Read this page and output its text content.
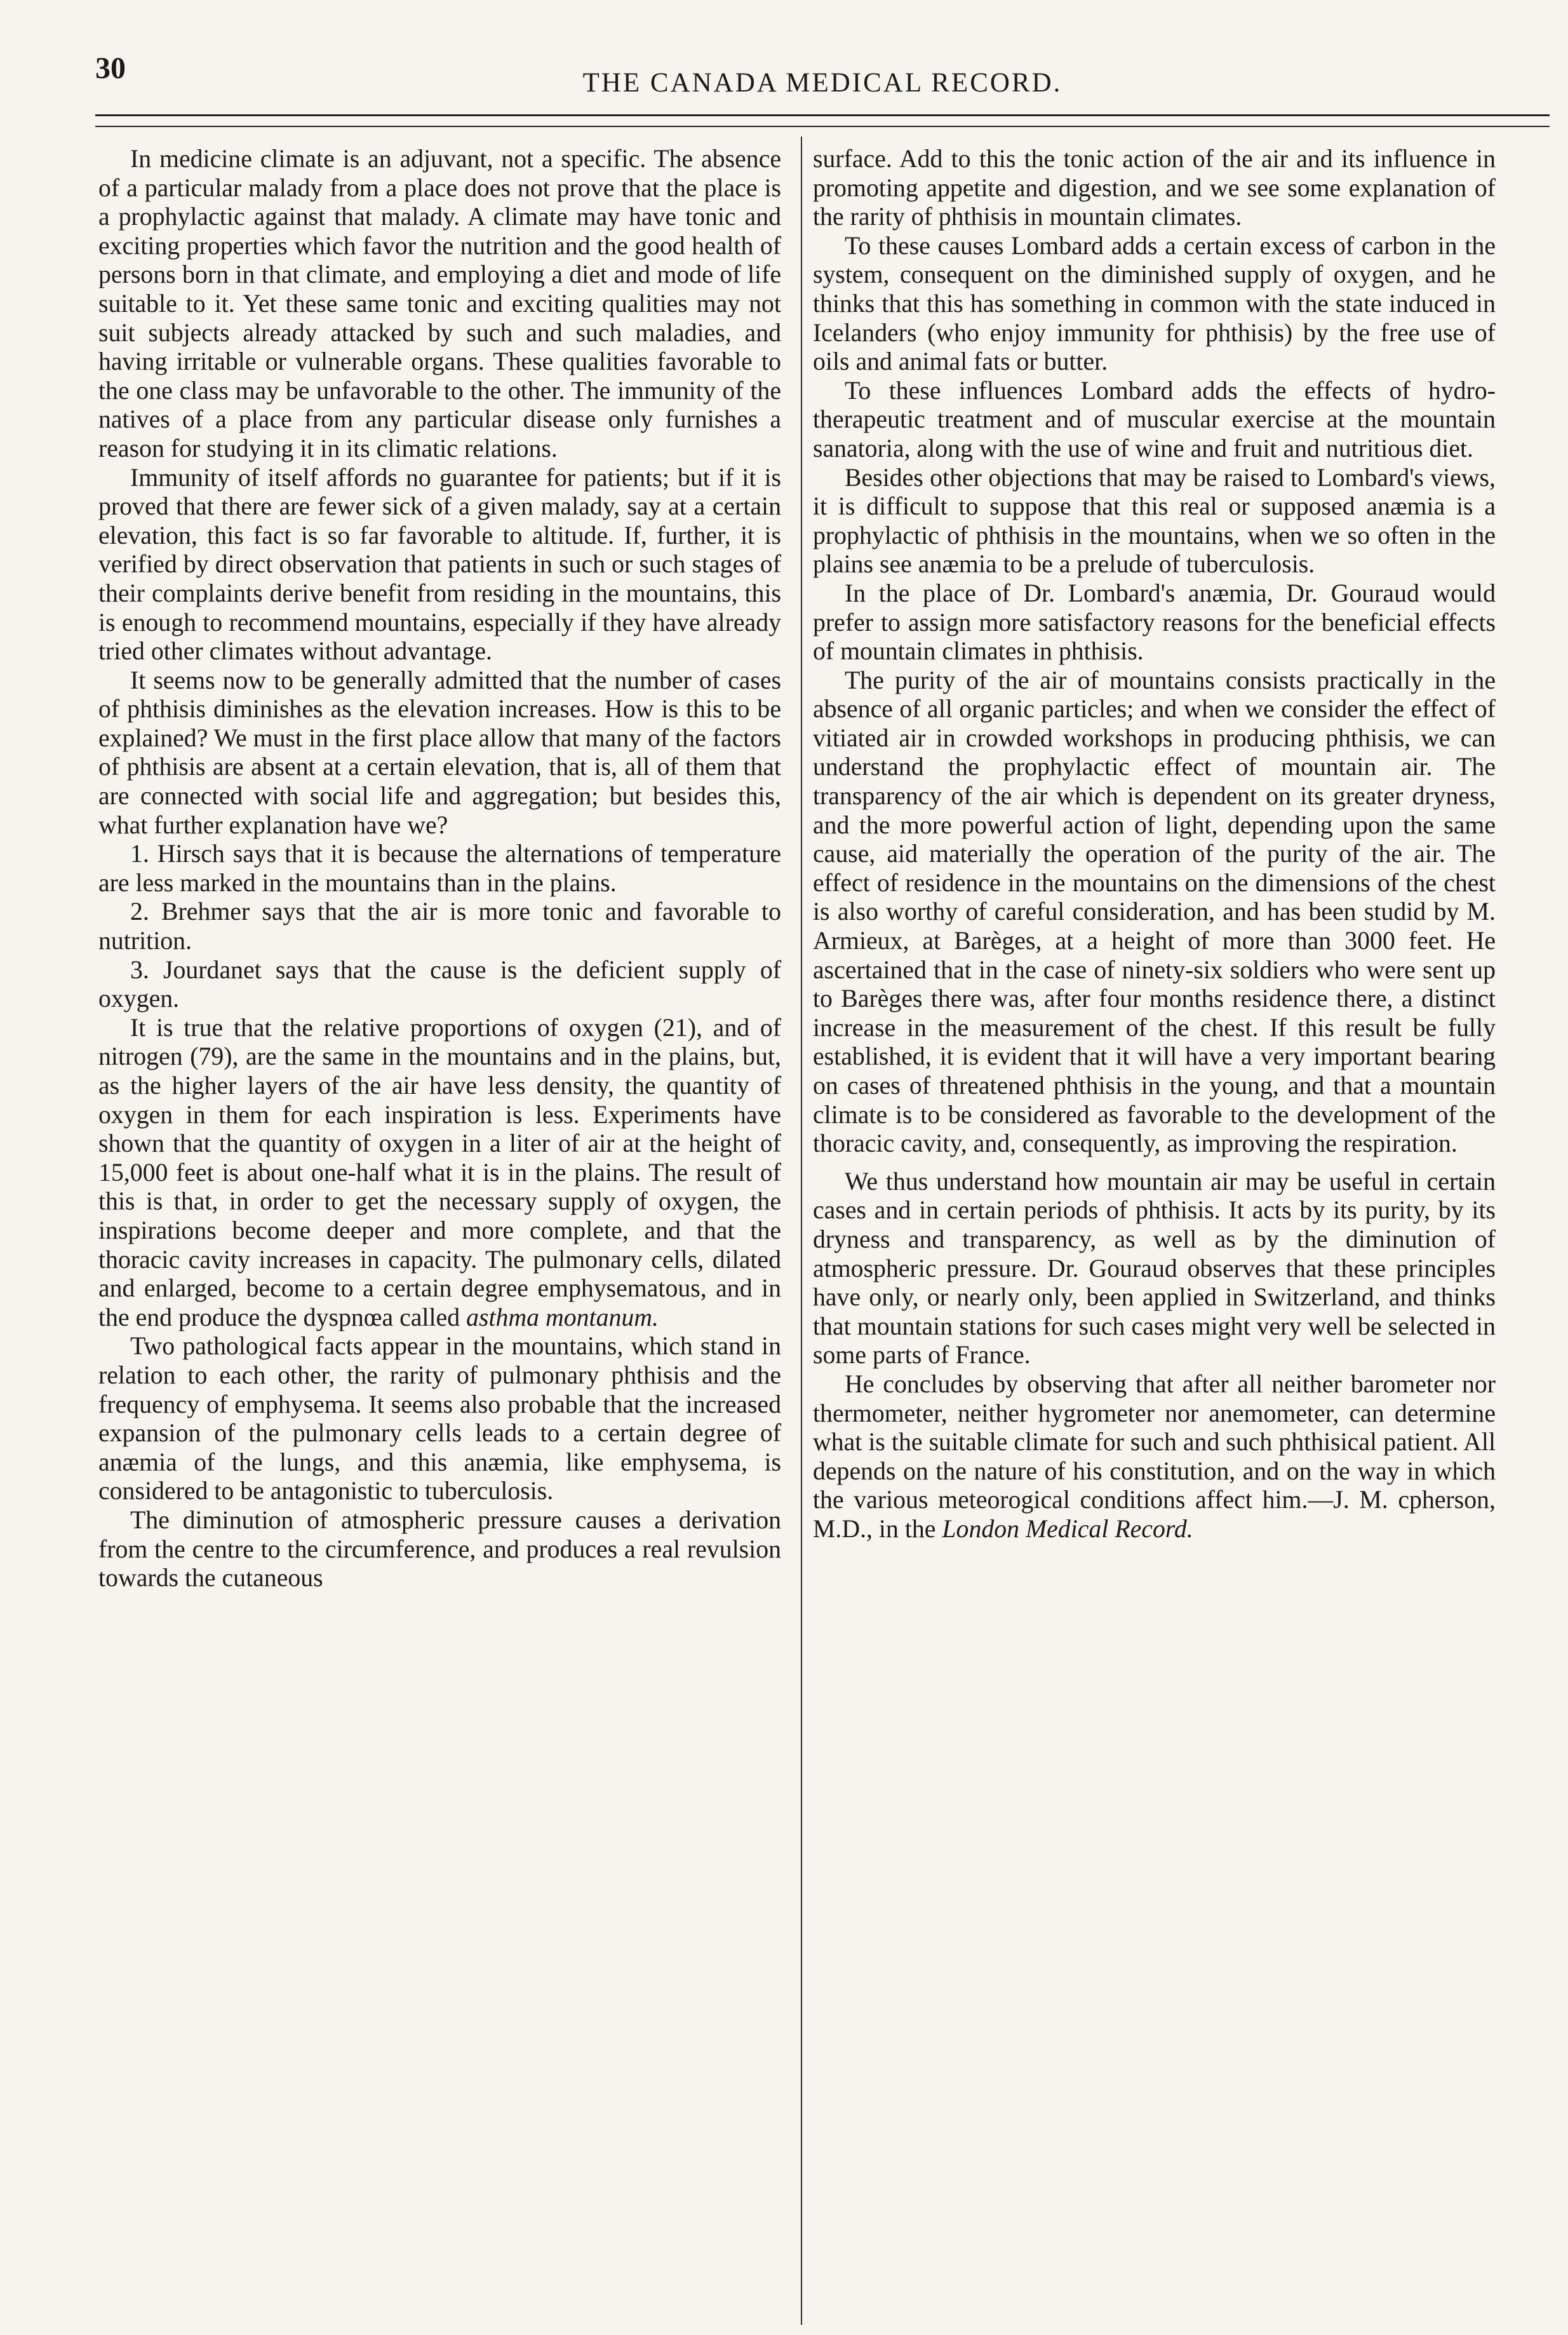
30	THE CANADA MEDICAL RECORD.

In medicine climate is an adjuvant, not a specific. The absence of a particular malady from a place does not prove that the place is a prophylactic against that malady. A climate may have tonic and exciting properties which favor the nutrition and the good health of persons born in that climate, and employing a diet and mode of life suitable to it. Yet these same tonic and exciting qualities may not suit subjects already attacked by such and such maladies, and having irritable or vulnerable organs. These qualities favorable to the one class may be unfavorable to the other. The immunity of the natives of a place from any particular disease only furnishes a reason for studying it in its climatic relations.

Immunity of itself affords no guarantee for patients; but if it is proved that there are fewer sick of a given malady, say at a certain elevation, this fact is so far favorable to altitude. If, further, it is verified by direct observation that patients in such or such stages of their complaints derive benefit from residing in the mountains, this is enough to recommend mountains, especially if they have already tried other climates without advantage.

It seems now to be generally admitted that the number of cases of phthisis diminishes as the elevation increases. How is this to be explained? We must in the first place allow that many of the factors of phthisis are absent at a certain elevation, that is, all of them that are connected with social life and aggregation; but besides this, what further explanation have we?

1. Hirsch says that it is because the alternations of temperature are less marked in the mountains than in the plains.

2. Brehmer says that the air is more tonic and favorable to nutrition.

3. Jourdanet says that the cause is the deficient supply of oxygen.

It is true that the relative proportions of oxygen (21), and of nitrogen (79), are the same in the mountains and in the plains, but, as the higher layers of the air have less density, the quantity of oxygen in them for each inspiration is less. Experiments have shown that the quantity of oxygen in a liter of air at the height of 15,000 feet is about one-half what it is in the plains. The result of this is that, in order to get the necessary supply of oxygen, the inspirations become deeper and more complete, and that the thoracic cavity increases in capacity. The pulmonary cells, dilated and enlarged, become to a certain degree emphysematous, and in the end produce the dyspnœa called asthma montanum.

Two pathological facts appear in the mountains, which stand in relation to each other, the rarity of pulmonary phthisis and the frequency of emphysema. It seems also probable that the increased expansion of the pulmonary cells leads to a certain degree of anæmia of the lungs, and this anæmia, like emphysema, is considered to be antagonistic to tuberculosis.

The diminution of atmospheric pressure causes a derivation from the centre to the circumference, and produces a real revulsion towards the cutaneous

surface. Add to this the tonic action of the air and its influence in promoting appetite and digestion, and we see some explanation of the rarity of phthisis in mountain climates.

To these causes Lombard adds a certain excess of carbon in the system, consequent on the diminished supply of oxygen, and he thinks that this has something in common with the state induced in Icelanders (who enjoy immunity for phthisis) by the free use of oils and animal fats or butter.

To these influences Lombard adds the effects of hydro-therapeutic treatment and of muscular exercise at the mountain sanatoria, along with the use of wine and fruit and nutritious diet.

Besides other objections that may be raised to Lombard's views, it is difficult to suppose that this real or supposed anæmia is a prophylactic of phthisis in the mountains, when we so often in the plains see anæmia to be a prelude of tuberculosis.

In the place of Dr. Lombard's anæmia, Dr. Gouraud would prefer to assign more satisfactory reasons for the beneficial effects of mountain climates in phthisis.

The purity of the air of mountains consists practically in the absence of all organic particles; and when we consider the effect of vitiated air in crowded workshops in producing phthisis, we can understand the prophylactic effect of mountain air. The transparency of the air which is dependent on its greater dryness, and the more powerful action of light, depending upon the same cause, aid materially the operation of the purity of the air. The effect of residence in the mountains on the dimensions of the chest is also worthy of careful consideration, and has been studid by M. Armieux, at Barèges, at a height of more than 3000 feet. He ascertained that in the case of ninety-six soldiers who were sent up to Barèges there was, after four months residence there, a distinct increase in the measurement of the chest. If this result be fully established, it is evident that it will have a very important bearing on cases of threatened phthisis in the young, and that a mountain climate is to be considered as favorable to the development of the thoracic cavity, and, consequently, as improving the respiration.

We thus understand how mountain air may be useful in certain cases and in certain periods of phthisis. It acts by its purity, by its dryness and transparency, as well as by the diminution of atmospheric pressure. Dr. Gouraud observes that these principles have only, or nearly only, been applied in Switzerland, and thinks that mountain stations for such cases might very well be selected in some parts of France.

He concludes by observing that after all neither barometer nor thermometer, neither hygrometer nor anemometer, can determine what is the suitable climate for such and such phthisical patient. All depends on the nature of his constitution, and on the way in which the various meteorogical conditions affect him.—J. M. cpherson, M.D., in the London Medical Record.
